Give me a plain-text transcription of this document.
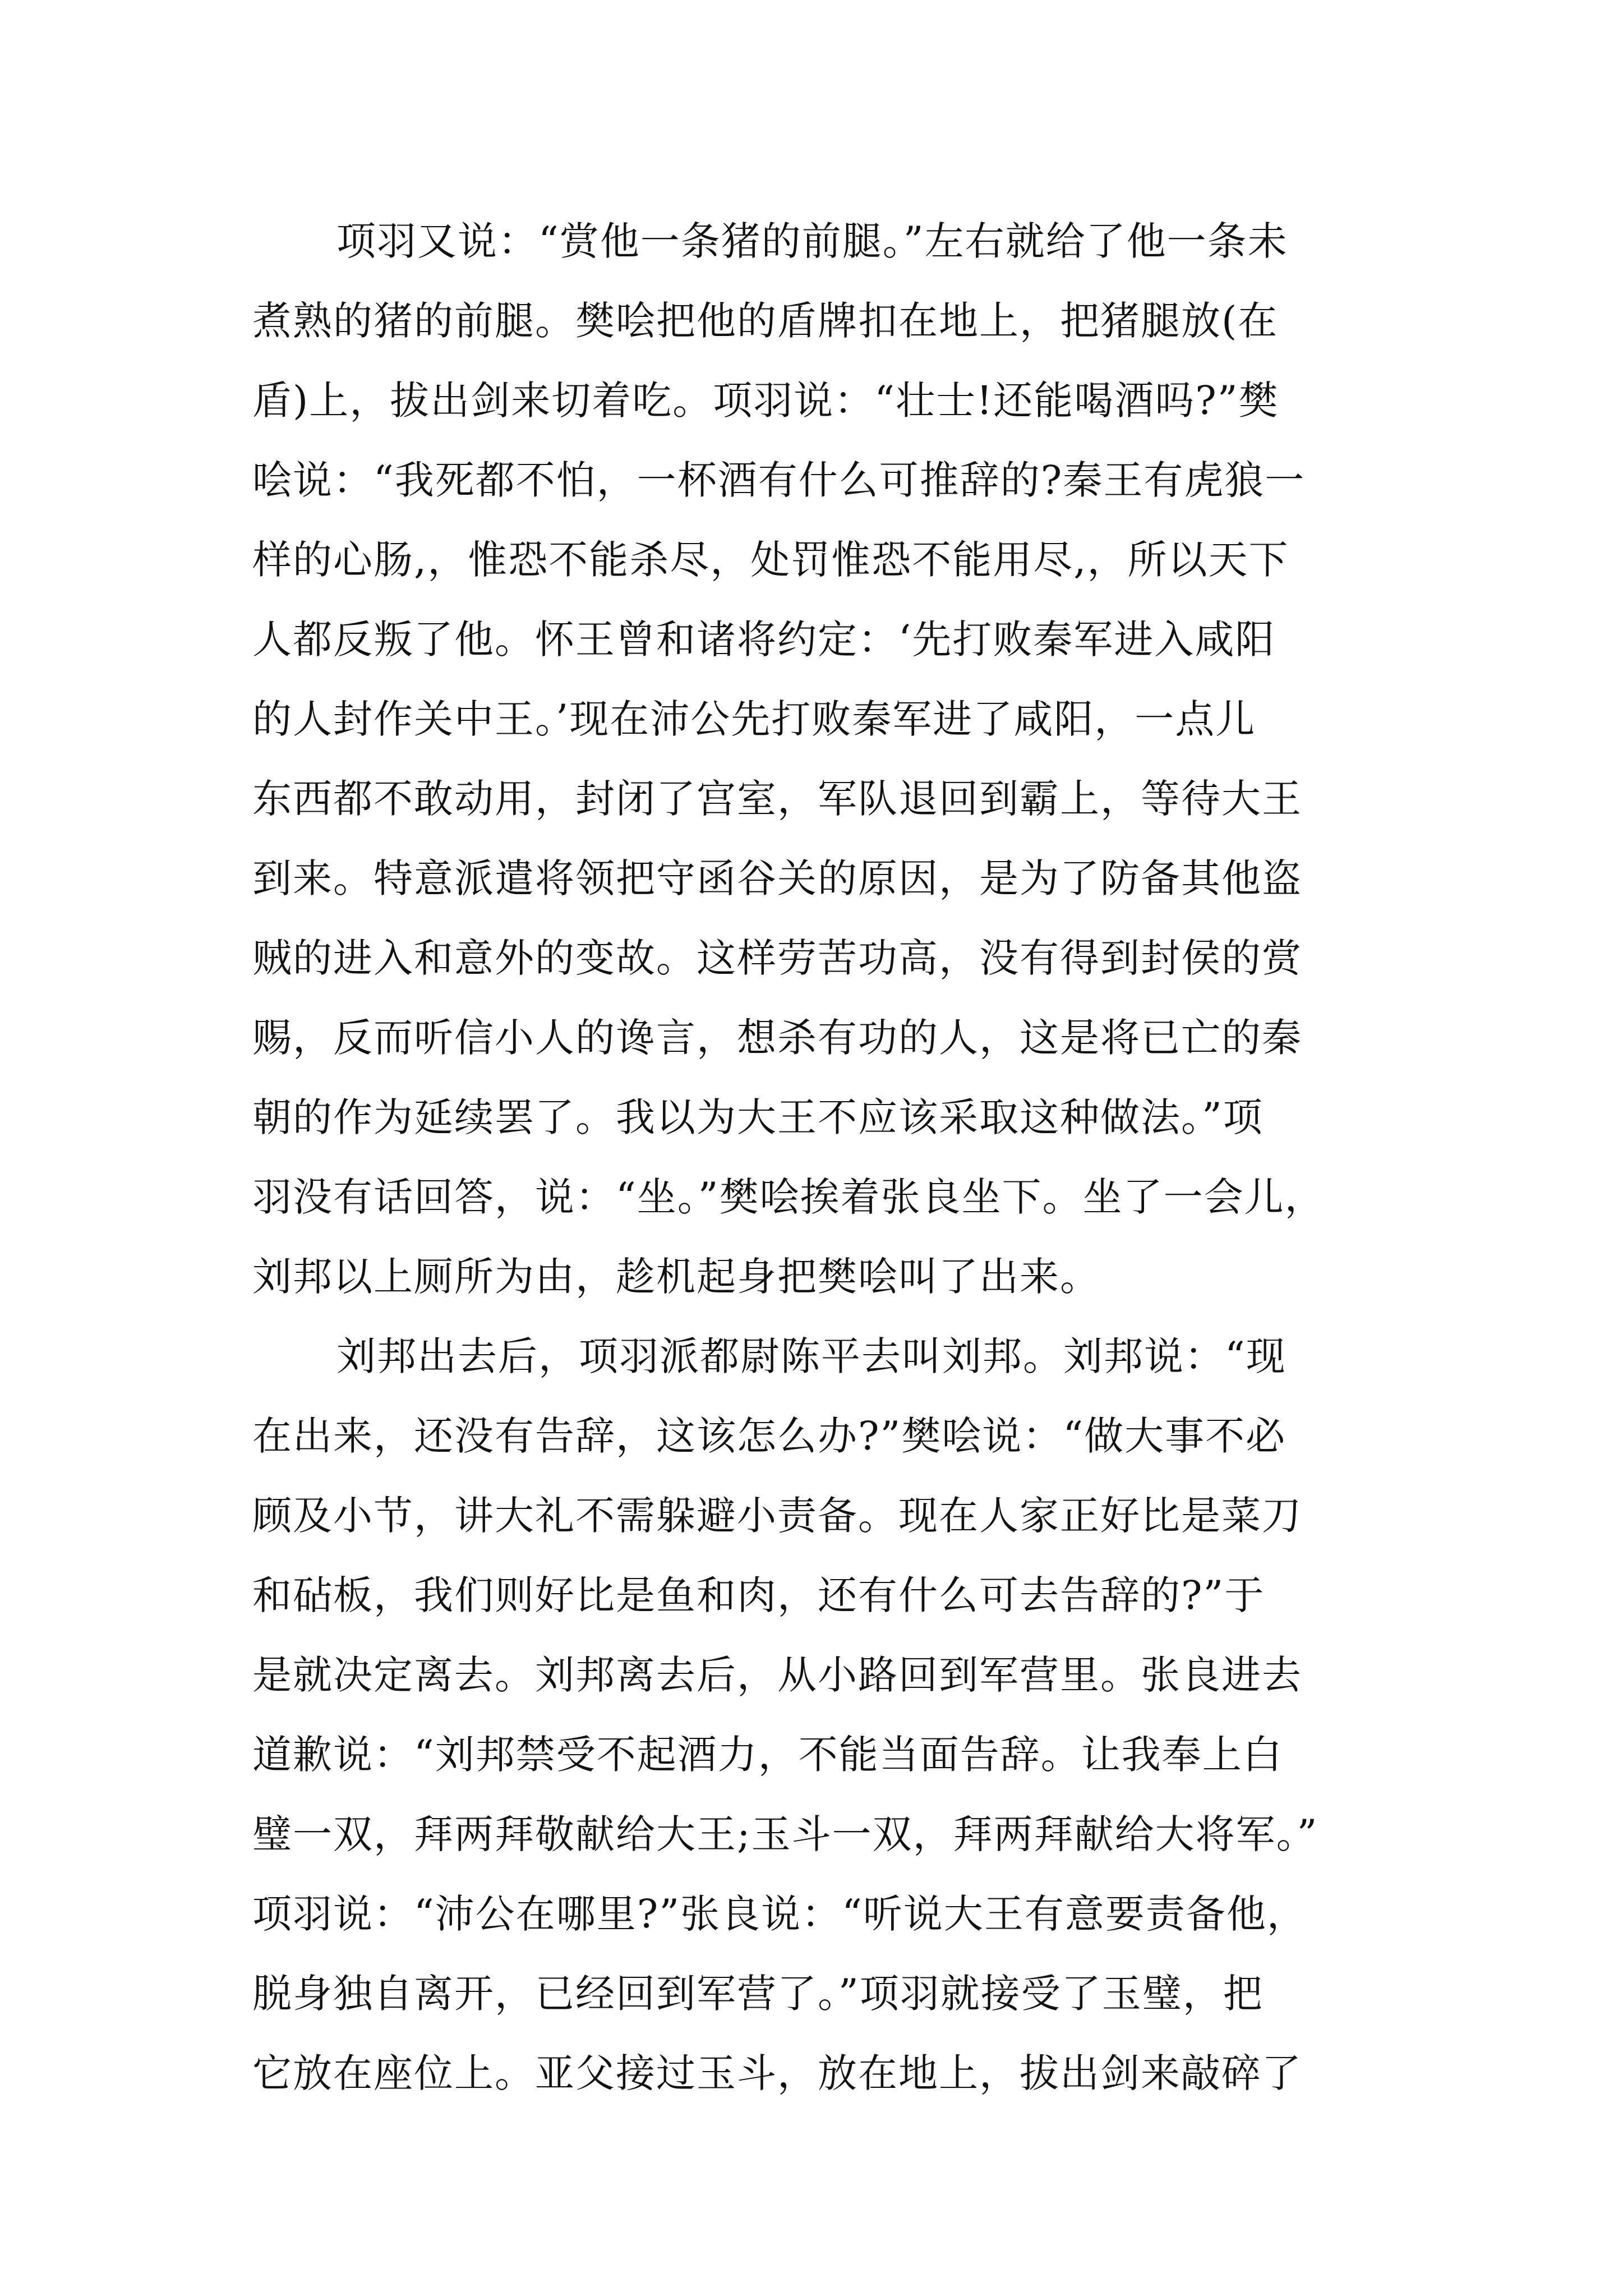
项羽又说：“赏他一条猪的前腿。”左右就给了他一条未
煮熟的猪的前腿。樊哙把他的盾牌扣在地上，把猪腿放(在
盾)上，拔出剑来切着吃。项羽说：“壮士!还能喝酒吗?”樊
哙说：“我死都不怕，一杯酒有什么可推辞的?秦王有虎狼一
样的心肠,，惟恐不能杀尽，处罚惟恐不能用尽,，所以天下
人都反叛了他。怀王曾和诸将约定：‘先打败秦军进入咸阳
的人封作关中王。’现在沛公先打败秦军进了咸阳，一点儿
东西都不敢动用，封闭了宫室，军队退回到霸上，等待大王
到来。特意派遣将领把守函谷关的原因，是为了防备其他盗
贼的进入和意外的变故。这样劳苦功高，没有得到封侯的赏
赐，反而听信小人的谗言，想杀有功的人，这是将已亡的秦
朝的作为延续罢了。我以为大王不应该采取这种做法。”项
羽没有话回答，说：“坐。”樊哙挨着张良坐下。坐了一会儿，
刘邦以上厕所为由，趁机起身把樊哙叫了出来。
刘邦出去后，项羽派都尉陈平去叫刘邦。刘邦说：“现
在出来，还没有告辞，这该怎么办?”樊哙说：“做大事不必
顾及小节，讲大礼不需躲避小责备。现在人家正好比是菜刀
和砧板，我们则好比是鱼和肉，还有什么可去告辞的?”于
是就决定离去。刘邦离去后，从小路回到军营里。张良进去
道歉说：“刘邦禁受不起酒力，不能当面告辞。让我奉上白
璧一双，拜两拜敬献给大王;玉斗一双，拜两拜献给大将军。”
项羽说：“沛公在哪里?”张良说：“听说大王有意要责备他，
脱身独自离开，已经回到军营了。”项羽就接受了玉璧，把
它放在座位上。亚父接过玉斗，放在地上，拔出剑来敲碎了
